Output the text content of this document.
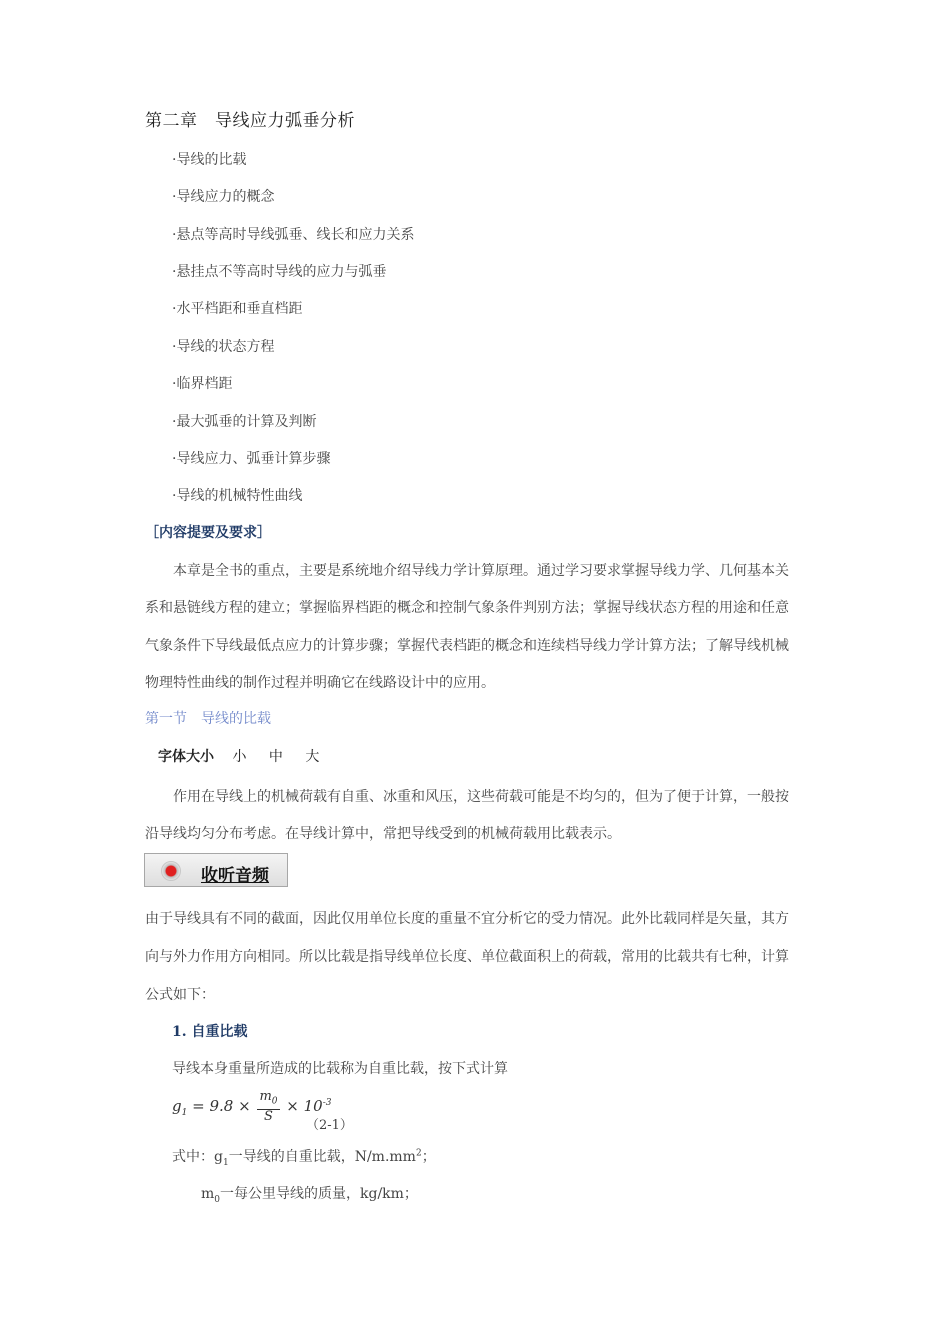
第二章　导线应力弧垂分析
·导线的比载
·导线应力的概念
·悬点等高时导线弧垂、线长和应力关系
·悬挂点不等高时导线的应力与弧垂
·水平档距和垂直档距
·导线的状态方程
·临界档距
·最大弧垂的计算及判断
·导线应力、弧垂计算步骤
·导线的机械特性曲线
［内容提要及要求］
本章是全书的重点，主要是系统地介绍导线力学计算原理。通过学习要求掌握导线力学、几何基本关
系和悬链线方程的建立；掌握临界档距的概念和控制气象条件判别方法；掌握导线状态方程的用途和任意
气象条件下导线最低点应力的计算步骤；掌握代表档距的概念和连续档导线力学计算方法；了解导线机械
物理特性曲线的制作过程并明确它在线路设计中的应用。
第一节　导线的比载
字体大小 小 中 大
作用在导线上的机械荷载有自重、冰重和风压，这些荷载可能是不均匀的，但为了便于计算，一般按
沿导线均匀分布考虑。在导线计算中，常把导线受到的机械荷载用比载表示。
收听音频
由于导线具有不同的截面，因此仅用单位长度的重量不宜分析它的受力情况。此外比载同样是矢量，其方
向与外力作用方向相同。所以比载是指导线单位长度、单位截面积上的荷载，常用的比载共有七种，计算
公式如下：
1. 自重比载
导线本身重量所造成的比载称为自重比载，按下式计算
$g_1 = 9.8 \times \frac{m_0}{S} \times 10^{-3}$
（2-1）
式中：$g_1$一导线的自重比载，$N/m.mm^2$；
$m_0$一每公里导线的质量，kg/km；
